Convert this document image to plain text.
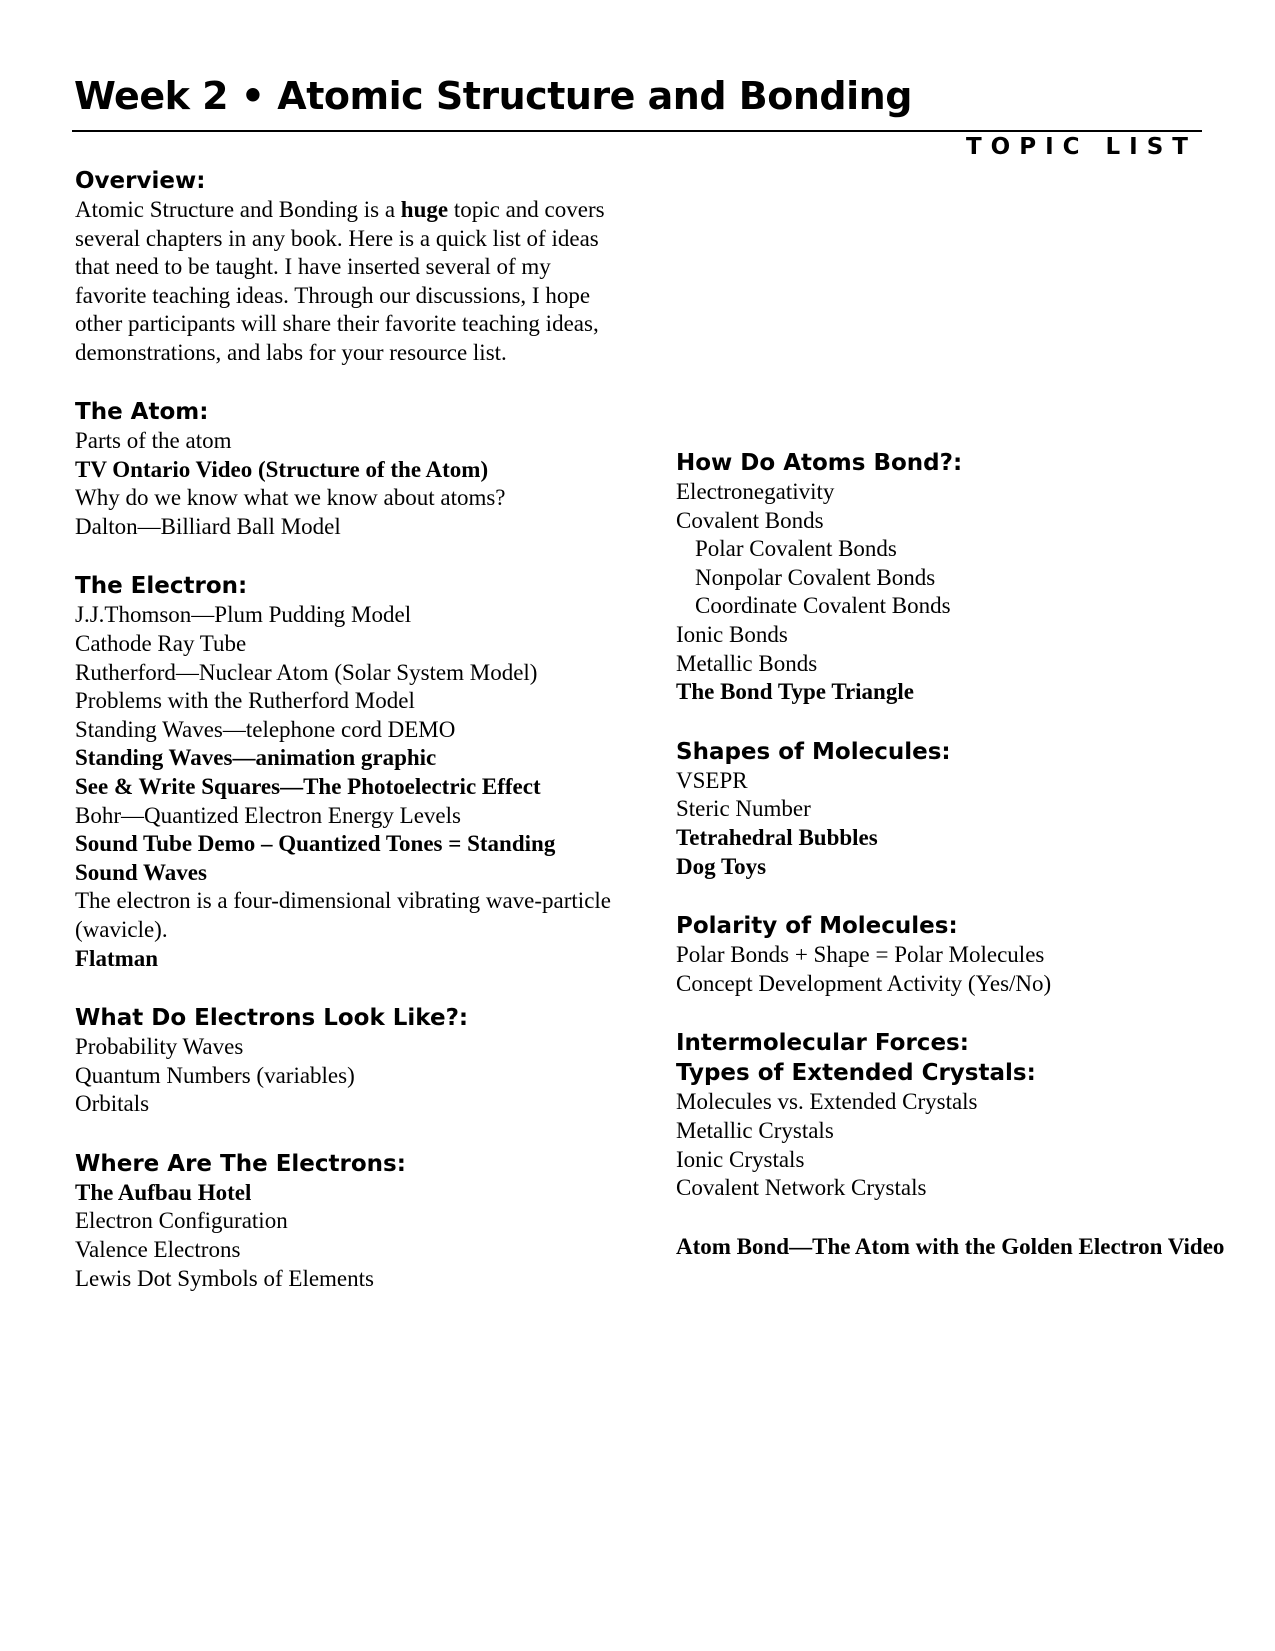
Week 2 • Atomic Structure and Bonding
TOPIC LIST
Overview:

Atomic Structure and Bonding is a huge topic and covers several chapters in any book. Here is a quick list of ideas that need to be taught. I have inserted several of my favorite teaching ideas. Through our discussions, I hope other participants will share their favorite teaching ideas, demonstrations, and labs for your resource list.

The Atom:
Parts of the atom
TV Ontario Video (Structure of the Atom)
Why do we know what we know about atoms?
Dalton—Billiard Ball Model
The Electron:
J.J.Thomson—Plum Pudding Model
Cathode Ray Tube
Rutherford—Nuclear Atom (Solar System Model)
Problems with the Rutherford Model
Standing Waves—telephone cord DEMO
Standing Waves—animation graphic
See & Write Squares—The Photoelectric Effect
Bohr—Quantized Electron Energy Levels
Sound Tube Demo – Quantized Tones = Standing Sound Waves
The electron is a four-dimensional vibrating wave-particle (wavicle).
Flatman
What Do Electrons Look Like?:
Probability Waves
Quantum Numbers (variables)
Orbitals
Where Are The Electrons:
The Aufbau Hotel
Electron Configuration
Valence Electrons
Lewis Dot Symbols of Elements
How Do Atoms Bond?:
Electronegativity
Covalent Bonds
Polar Covalent Bonds
Nonpolar Covalent Bonds
Coordinate Covalent Bonds
Ionic Bonds
Metallic Bonds
The Bond Type Triangle
Shapes of Molecules:
VSEPR
Steric Number
Tetrahedral Bubbles
Dog Toys
Polarity of Molecules:
Polar Bonds + Shape = Polar Molecules
Concept Development Activity (Yes/No)
Intermolecular Forces:
Types of Extended Crystals:
Molecules vs. Extended Crystals
Metallic Crystals
Ionic Crystals
Covalent Network Crystals
Atom Bond—The Atom with the Golden Electron Video
